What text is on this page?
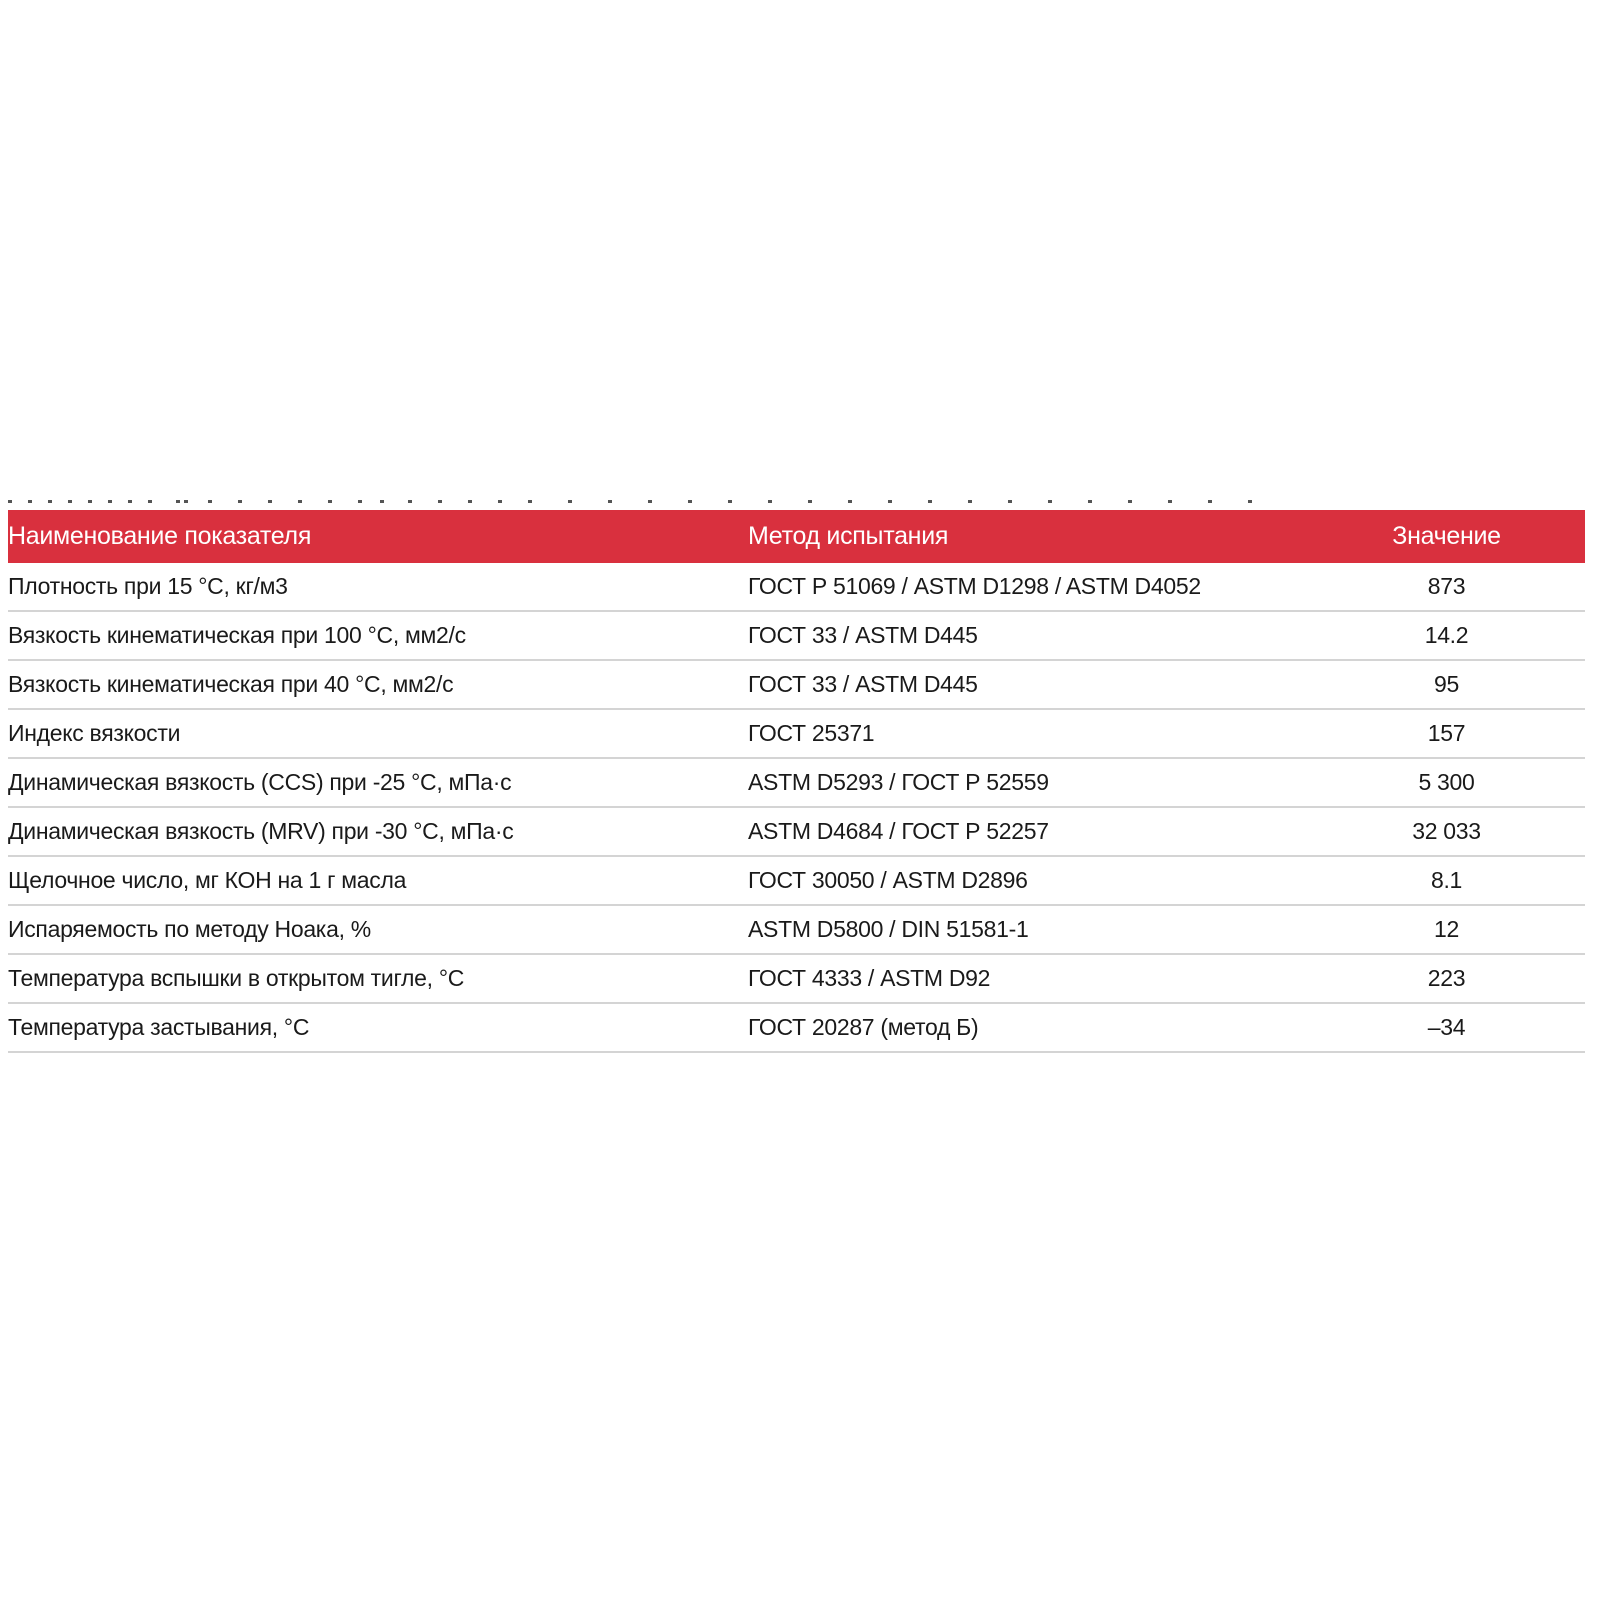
Наименование показателя	Метод испытания	Значение
Плотность при 15 °С, кг/м3	ГОСТ Р 51069 / ASTM D1298 / ASTM D4052	873
Вязкость кинематическая при 100 °С, мм2/с	ГОСТ 33 / ASTM D445	14.2
Вязкость кинематическая при 40 °С, мм2/с	ГОСТ 33 / ASTM D445	95
Индекс вязкости	ГОСТ 25371	157
Динамическая вязкость (CCS) при -25 °С, мПа·с	ASTM D5293 / ГОСТ Р 52559	5 300
Динамическая вязкость (MRV) при -30 °С, мПа·с	ASTM D4684 / ГОСТ Р 52257	32 033
Щелочное число, мг КОН на 1 г масла	ГОСТ 30050 / ASTM D2896	8.1
Испаряемость по методу Ноака, %	ASTM D5800 / DIN 51581-1	12
Температура вспышки в открытом тигле, °С	ГОСТ 4333 / ASTM D92	223
Температура застывания, °С	ГОСТ 20287 (метод Б)	–34
